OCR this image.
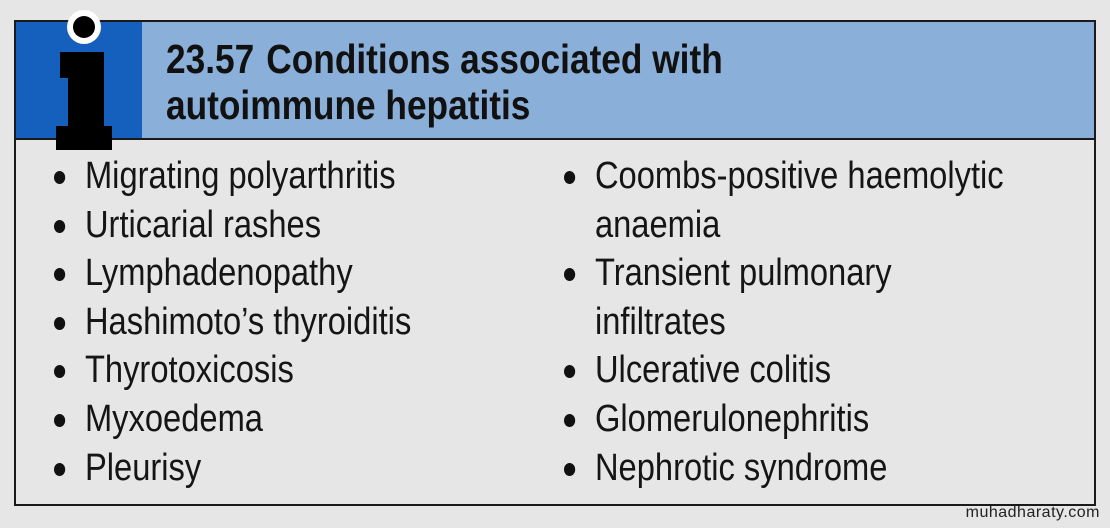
23.57 Conditions associated with
autoimmune hepatitis
Migrating polyarthritis
Urticarial rashes
Lymphadenopathy
Hashimoto’s thyroiditis
Thyrotoxicosis
Myxoedema
Pleurisy
Coombs-positive haemolytic
anaemia
Transient pulmonary
infiltrates
Ulcerative colitis
Glomerulonephritis
Nephrotic syndrome
muhadharaty.com
